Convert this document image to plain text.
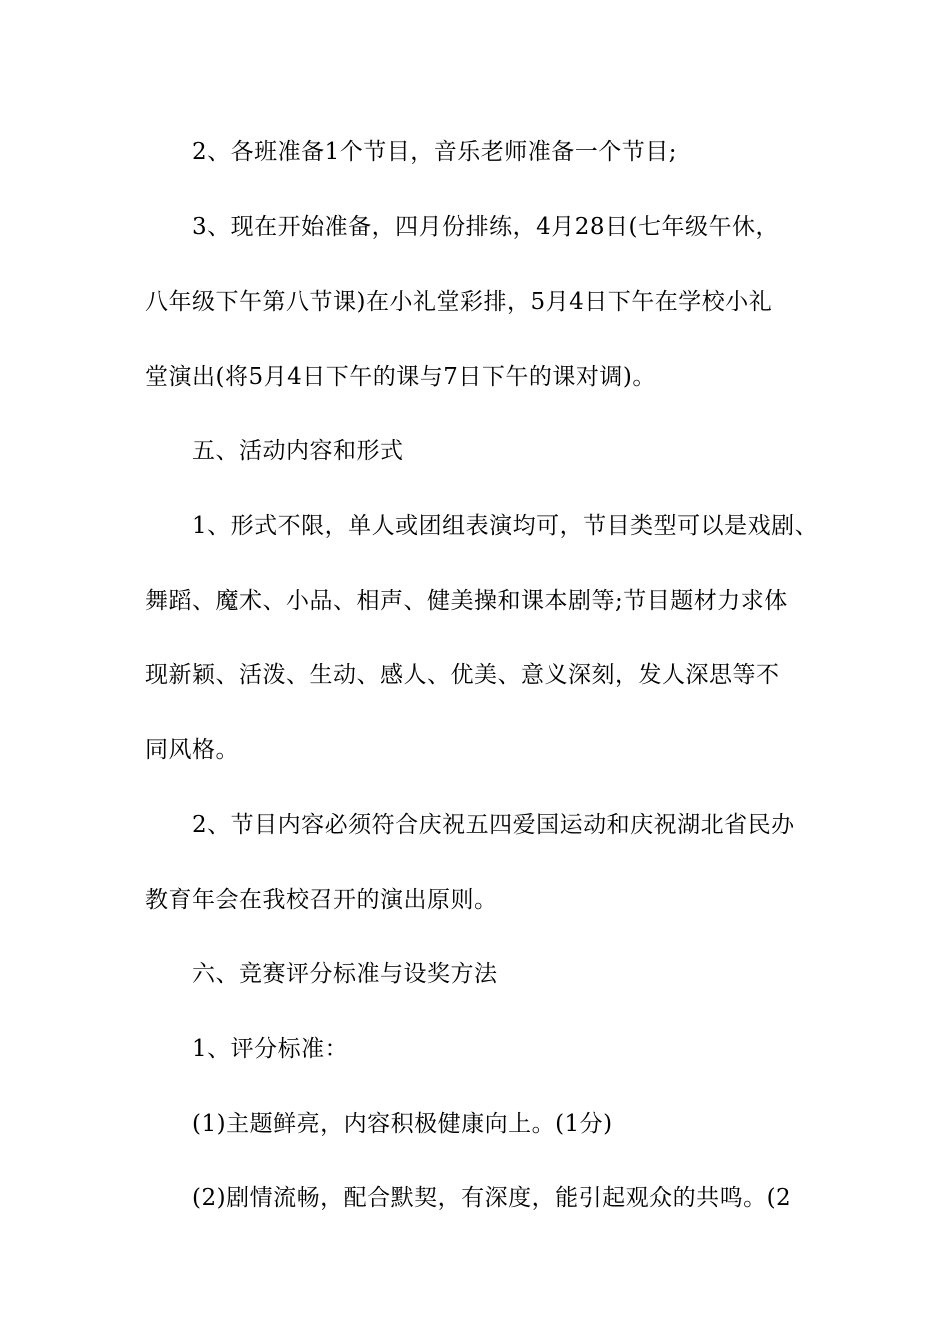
2、各班准备1个节目，音乐老师准备一个节目;
3、现在开始准备，四月份排练，4月28日(七年级午休，
八年级下午第八节课)在小礼堂彩排，5月4日下午在学校小礼
堂演出(将5月4日下午的课与7日下午的课对调)。
五、活动内容和形式
1、形式不限，单人或团组表演均可，节目类型可以是戏剧、
舞蹈、魔术、小品、相声、健美操和课本剧等;节目题材力求体
现新颖、活泼、生动、感人、优美、意义深刻，发人深思等不
同风格。
2、节目内容必须符合庆祝五四爱国运动和庆祝湖北省民办
教育年会在我校召开的演出原则。
六、竞赛评分标准与设奖方法
1、评分标准：
(1)主题鲜亮，内容积极健康向上。(1分)
(2)剧情流畅，配合默契，有深度，能引起观众的共鸣。(2
